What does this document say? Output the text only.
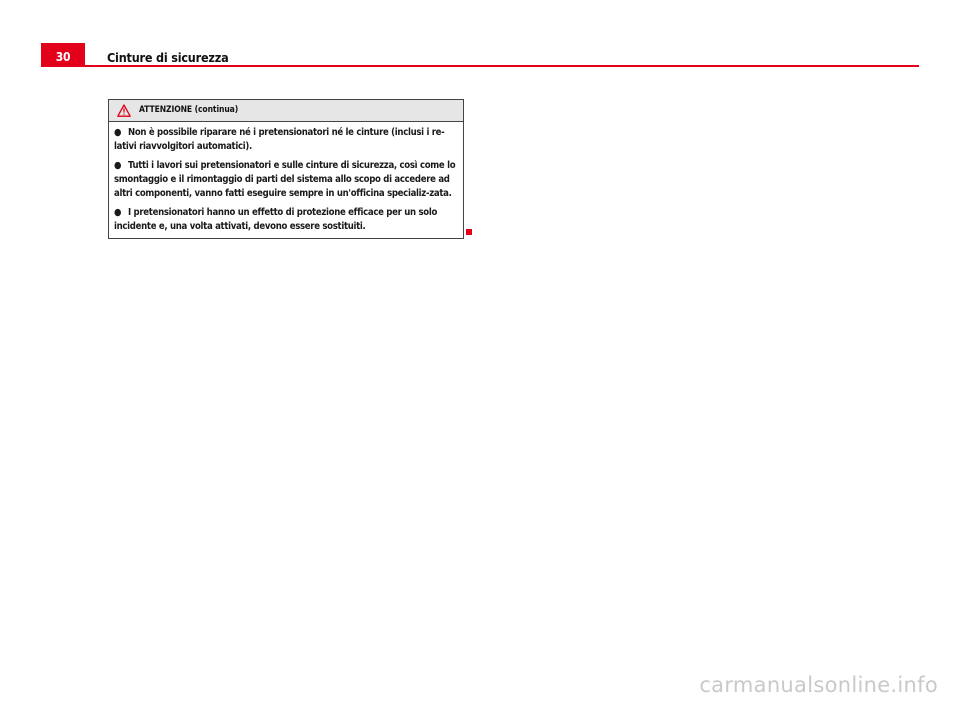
30	Cinture di sicurezza
ATTENZIONE (continua)
● Non è possibile riparare né i pretensionatori né le cinture (inclusi i re-lativi riavvolgitori automatici).
● Tutti i lavori sui pretensionatori e sulle cinture di sicurezza, così come lo smontaggio e il rimontaggio di parti del sistema allo scopo di accedere ad altri componenti, vanno fatti eseguire sempre in un'officina specializ-zata.
● I pretensionatori hanno un effetto di protezione efficace per un solo incidente e, una volta attivati, devono essere sostituiti.
carmanualsonline.info
